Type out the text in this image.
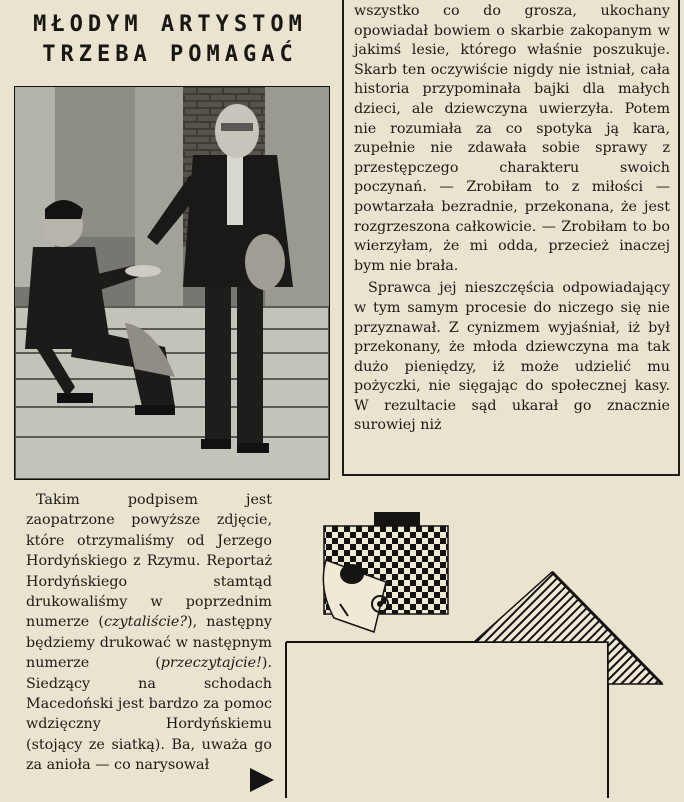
MŁODYM ARTYSTOM
TRZEBA POMAGAĆ

wszystko co do grosza, ukochany opowiadał bowiem o skarbie zakopanym w jakimś lesie, którego właśnie poszukuje. Skarb ten oczywiście nigdy nie istniał, cała historia przypominała bajki dla małych dzieci, ale dziewczyna uwierzyła. Potem nie rozumiała za co spotyka ją kara, zupełnie nie zdawała sobie sprawy z przestępczego charakteru swoich poczynań. — Zrobiłam to z miłości — powtarzała bezradnie, przekonana, że jest rozgrzeszona całkowicie. — Zrobiłam to bo wierzyłam, że mi odda, przecież inaczej bym nie brała.

Sprawca jej nieszczęścia odpowiadający w tym samym procesie do niczego się nie przyznawał. Z cynizmem wyjaśniał, iż był przekonany, że młoda dziewczyna ma tak dużo pieniędzy, iż może udzielić mu pożyczki, nie sięgając do społecznej kasy. W rezultacie sąd ukarał go znacznie surowiej niż

Takim podpisem jest zaopatrzone powyższe zdjęcie, które otrzymaliśmy od Jerzego Hordyńskiego z Rzymu. Reportaż Hordyńskiego stamtąd drukowaliśmy w poprzednim numerze (czytaliście?), następny będziemy drukować w następnym numerze (przeczytajcie!). Siedzący na schodach Macedoński jest bardzo za pomoc wdzięczny Hordyńskiemu (stojący ze siatką). Ba, uważa go za anioła — co narysował
